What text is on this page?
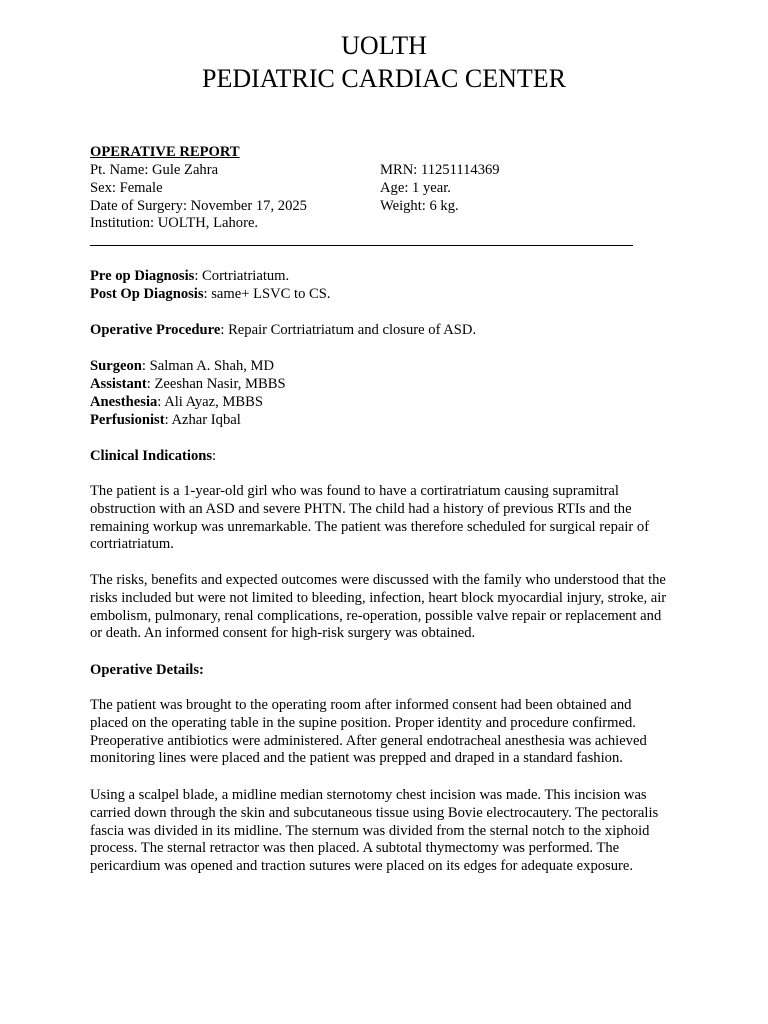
UOLTH
PEDIATRIC CARDIAC CENTER
OPERATIVE REPORT
Pt. Name: Gule Zahra	MRN: 11251114369
Sex: Female	Age: 1 year.
Date of Surgery: November 17, 2025	Weight: 6 kg.
Institution: UOLTH, Lahore.
Pre op Diagnosis: Cortriatriatum.
Post Op Diagnosis: same+ LSVC to CS.
Operative Procedure: Repair Cortriatriatum and closure of ASD.
Surgeon: Salman A. Shah, MD
Assistant: Zeeshan Nasir, MBBS
Anesthesia: Ali Ayaz, MBBS
Perfusionist: Azhar Iqbal
Clinical Indications:
The patient is a 1-year-old girl who was found to have a cortiratriatum causing supramitral obstruction with an ASD and severe PHTN. The child had a history of previous RTIs and the remaining workup was unremarkable. The patient was therefore scheduled for surgical repair of cortriatriatum.
The risks, benefits and expected outcomes were discussed with the family who understood that the risks included but were not limited to bleeding, infection, heart block myocardial injury, stroke, air embolism, pulmonary, renal complications, re-operation, possible valve repair or replacement and or death. An informed consent for high-risk surgery was obtained.
Operative Details:
The patient was brought to the operating room after informed consent had been obtained and placed on the operating table in the supine position. Proper identity and procedure confirmed. Preoperative antibiotics were administered. After general endotracheal anesthesia was achieved monitoring lines were placed and the patient was prepped and draped in a standard fashion.
Using a scalpel blade, a midline median sternotomy chest incision was made. This incision was carried down through the skin and subcutaneous tissue using Bovie electrocautery. The pectoralis fascia was divided in its midline. The sternum was divided from the sternal notch to the xiphoid process. The sternal retractor was then placed. A subtotal thymectomy was performed. The pericardium was opened and traction sutures were placed on its edges for adequate exposure.
